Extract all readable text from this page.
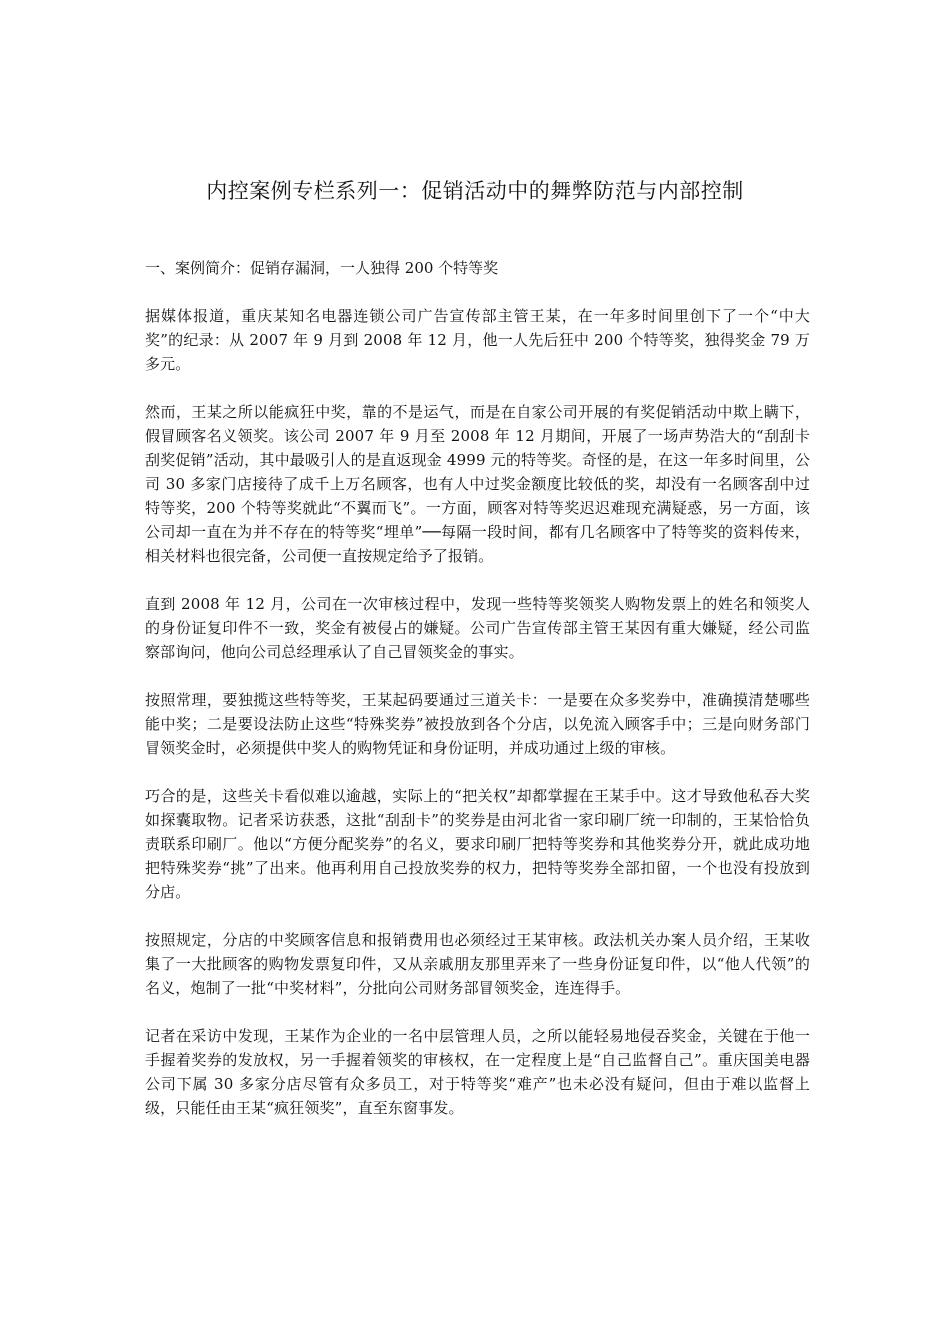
内控案例专栏系列一：促销活动中的舞弊防范与内部控制

一、案例简介：促销存漏洞，一人独得 200 个特等奖

据媒体报道，重庆某知名电器连锁公司广告宣传部主管王某，在一年多时间里创下了一个“中大奖”的纪录：从 2007 年 9 月到 2008 年 12 月，他一人先后狂中 200 个特等奖，独得奖金 79 万多元。

然而，王某之所以能疯狂中奖，靠的不是运气，而是在自家公司开展的有奖促销活动中欺上瞒下，假冒顾客名义领奖。该公司 2007 年 9 月至 2008 年 12 月期间，开展了一场声势浩大的“刮刮卡刮奖促销”活动，其中最吸引人的是直返现金 4999 元的特等奖。奇怪的是，在这一年多时间里，公司 30 多家门店接待了成千上万名顾客，也有人中过奖金额度比较低的奖，却没有一名顾客刮中过特等奖，200 个特等奖就此“不翼而飞”。一方面，顾客对特等奖迟迟难现充满疑惑，另一方面，该公司却一直在为并不存在的特等奖“埋单”──每隔一段时间，都有几名顾客中了特等奖的资料传来，相关材料也很完备，公司便一直按规定给予了报销。

直到 2008 年 12 月，公司在一次审核过程中，发现一些特等奖领奖人购物发票上的姓名和领奖人的身份证复印件不一致，奖金有被侵占的嫌疑。公司广告宣传部主管王某因有重大嫌疑，经公司监察部询问，他向公司总经理承认了自己冒领奖金的事实。

按照常理，要独揽这些特等奖，王某起码要通过三道关卡：一是要在众多奖券中，准确摸清楚哪些能中奖；二是要设法防止这些“特殊奖券”被投放到各个分店，以免流入顾客手中；三是向财务部门冒领奖金时，必须提供中奖人的购物凭证和身份证明，并成功通过上级的审核。

巧合的是，这些关卡看似难以逾越，实际上的“把关权”却都掌握在王某手中。这才导致他私吞大奖如探囊取物。记者采访获悉，这批“刮刮卡”的奖券是由河北省一家印刷厂统一印制的，王某恰恰负责联系印刷厂。他以“方便分配奖券”的名义，要求印刷厂把特等奖券和其他奖券分开，就此成功地把特殊奖券“挑”了出来。他再利用自己投放奖券的权力，把特等奖券全部扣留，一个也没有投放到分店。

按照规定，分店的中奖顾客信息和报销费用也必须经过王某审核。政法机关办案人员介绍，王某收集了一大批顾客的购物发票复印件，又从亲戚朋友那里弄来了一些身份证复印件，以“他人代领”的名义，炮制了一批“中奖材料”，分批向公司财务部冒领奖金，连连得手。

记者在采访中发现，王某作为企业的一名中层管理人员，之所以能轻易地侵吞奖金，关键在于他一手握着奖券的发放权，另一手握着领奖的审核权，在一定程度上是“自己监督自己”。重庆国美电器公司下属 30 多家分店尽管有众多员工，对于特等奖“难产”也未必没有疑问，但由于难以监督上级，只能任由王某“疯狂领奖”，直至东窗事发。
